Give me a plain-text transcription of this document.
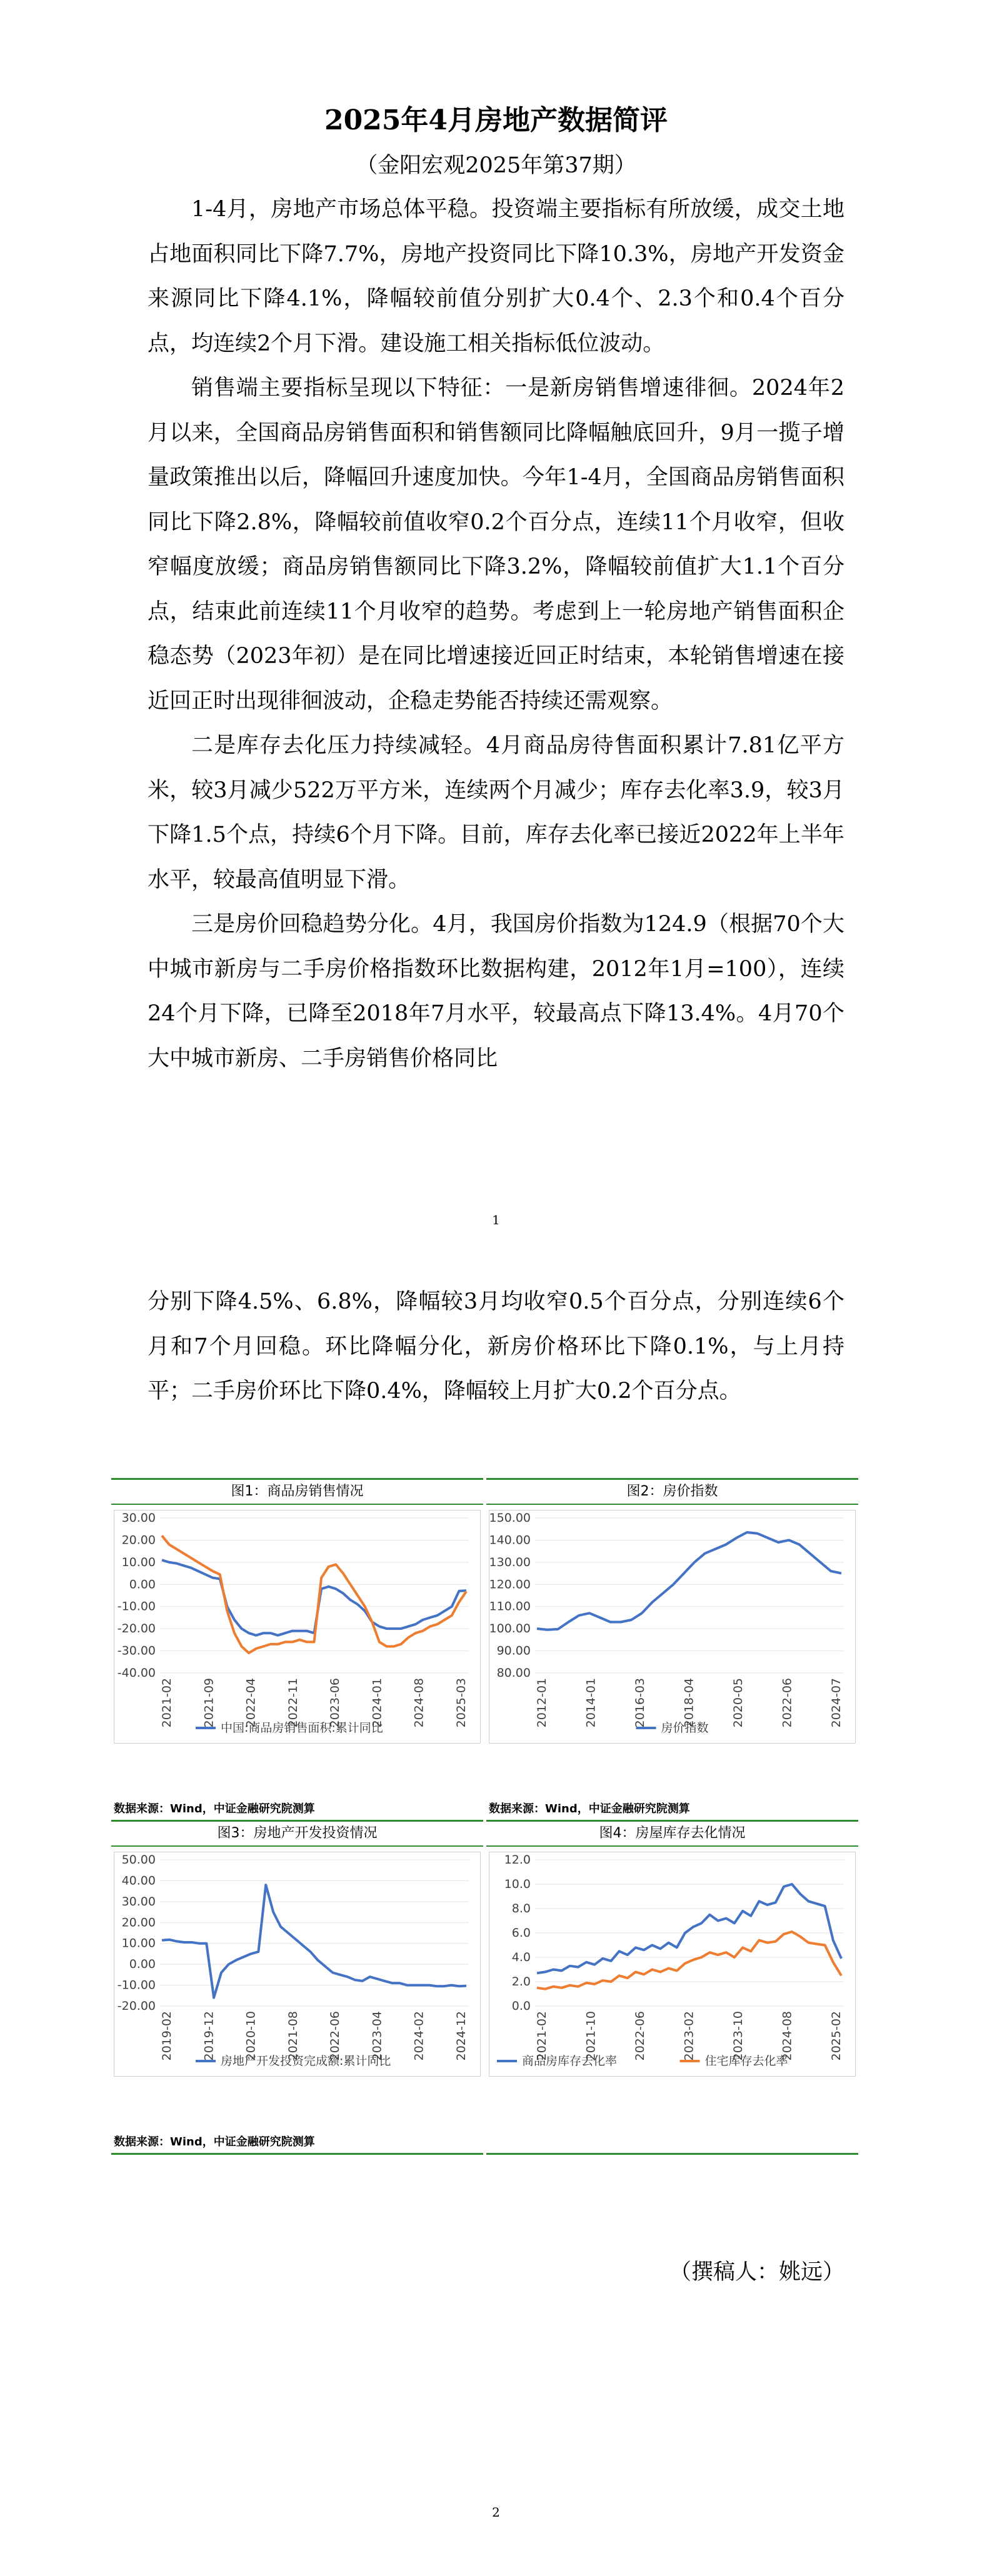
2025年4月房地产数据简评
（金阳宏观2025年第37期）

1-4月，房地产市场总体平稳。投资端主要指标有所放缓，成交土地占地面积同比下降7.7%，房地产投资同比下降10.3%，房地产开发资金来源同比下降4.1%，降幅较前值分别扩大0.4个、2.3个和0.4个百分点，均连续2个月下滑。建设施工相关指标低位波动。

销售端主要指标呈现以下特征：一是新房销售增速徘徊。2024年2月以来，全国商品房销售面积和销售额同比降幅触底回升，9月一揽子增量政策推出以后，降幅回升速度加快。今年1-4月，全国商品房销售面积同比下降2.8%，降幅较前值收窄0.2个百分点，连续11个月收窄，但收窄幅度放缓；商品房销售额同比下降3.2%，降幅较前值扩大1.1个百分点，结束此前连续11个月收窄的趋势。考虑到上一轮房地产销售面积企稳态势（2023年初）是在同比增速接近回正时结束，本轮销售增速在接近回正时出现徘徊波动，企稳走势能否持续还需观察。

二是库存去化压力持续减轻。4月商品房待售面积累计7.81亿平方米，较3月减少522万平方米，连续两个月减少；库存去化率3.9，较3月下降1.5个点，持续6个月下降。目前，库存去化率已接近2022年上半年水平，较最高值明显下滑。

三是房价回稳趋势分化。4月，我国房价指数为124.9（根据70个大中城市新房与二手房价格指数环比数据构建，2012年1月=100），连续24个月下降，已降至2018年7月水平，较最高点下降13.4%。4月70个大中城市新房、二手房销售价格同比

1

分别下降4.5%、6.8%，降幅较3月均收窄0.5个百分点，分别连续6个月和7个月回稳。环比降幅分化，新房价格环比下降0.1%，与上月持平；二手房价环比下降0.4%，降幅较上月扩大0.2个百分点。

图1：商品房销售情况
30.00
20.00
10.00
0.00
-10.00
-20.00
-30.00
-40.00
2021-02 2021-09 2022-04 2022-11 2023-06 2024-01 2024-08 2025-03
中国:商品房销售面积:累计同比
数据来源：Wind，中证金融研究院测算
图2：房价指数
150.00
140.00
130.00
120.00
110.00
100.00
90.00
80.00
2012-01	2014-01	2016-03	2018-04	2020-05	2022-06	2024-07
房价指数
数据来源：Wind，中证金融研究院测算
图3：房地产开发投资情况
50.00
40.00
30.00
20.00
10.00
0.00
-10.00
-20.00
2019-02 2019-12 2020-10 2021-08 2022-06 2023-04 2024-02 2024-12
房地产开发投资完成额:累计同比
数据来源：Wind，中证金融研究院测算
图4：房屋库存去化情况
12.0
10.0
8.0
6.0
4.0
2.0
0.0
2021-02	2021-10	2022-06	2023-02	2023-10	2024-08	2025-02
商品房库存去化率	住宅库存去化率
（撰稿人：姚远）
2
